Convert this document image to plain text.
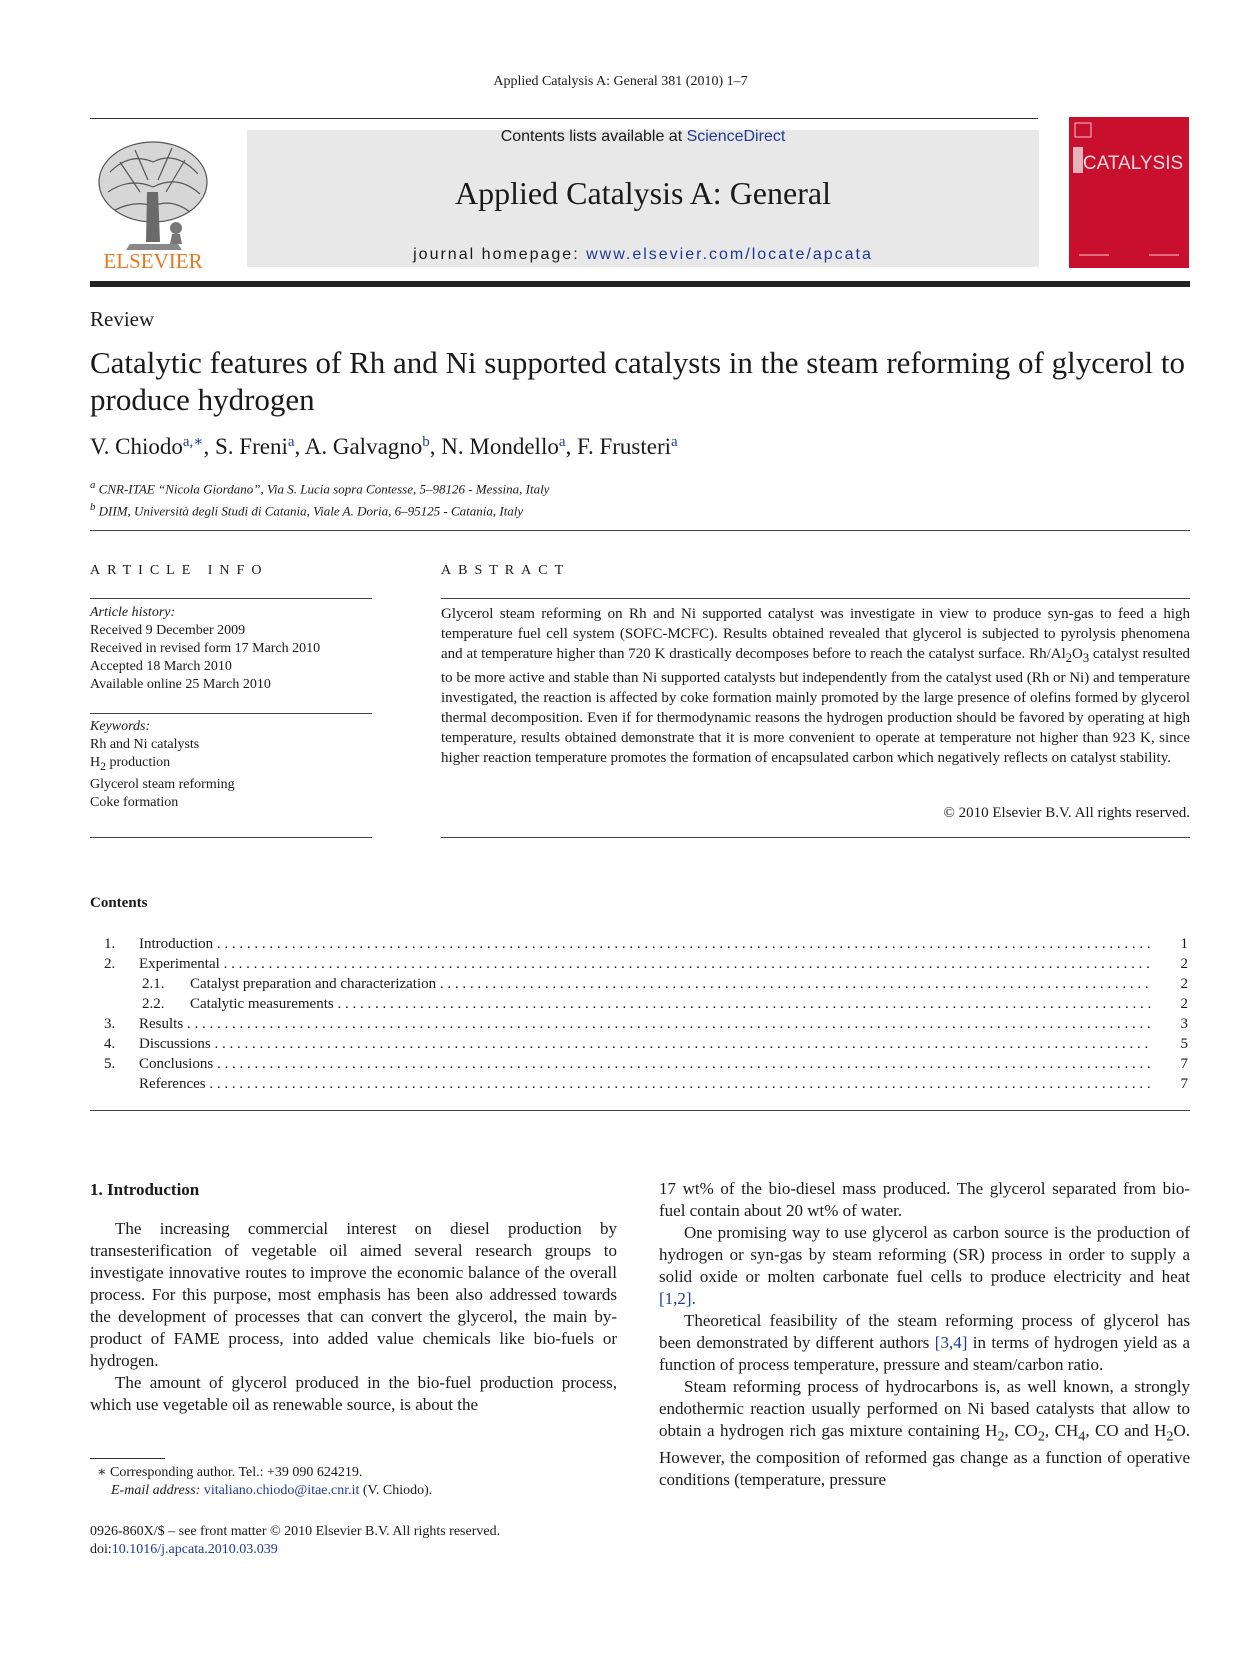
Applied Catalysis A: General 381 (2010) 1–7
ELSEVIER
Contents lists available at ScienceDirect
Applied Catalysis A: General
journal homepage: www.elsevier.com/locate/apcata
CATALYSIS
Review
Catalytic features of Rh and Ni supported catalysts in the steam reforming of glycerol to produce hydrogen
V. Chiodo$^{a,∗}$, S. Freni$^a$, A. Galvagno$^b$, N. Mondello$^a$, F. Frusteri$^a$
$^a$ CNR-ITAE “Nicola Giordano”, Via S. Lucia sopra Contesse, 5–98126 - Messina, Italy
$^b$ DIIM, Università degli Studi di Catania, Viale A. Doria, 6–95125 - Catania, Italy
ARTICLE INFO
Article history:
Received 9 December 2009
Received in revised form 17 March 2010
Accepted 18 March 2010
Available online 25 March 2010
Keywords:
Rh and Ni catalysts
$H_2$ production
Glycerol steam reforming
Coke formation
ABSTRACT
Glycerol steam reforming on Rh and Ni supported catalyst was investigate in view to produce syn-gas to feed a high temperature fuel cell system (SOFC-MCFC). Results obtained revealed that glycerol is subjected to pyrolysis phenomena and at temperature higher than 720 K drastically decomposes before to reach the catalyst surface. $Rh/Al_2O_3$ catalyst resulted to be more active and stable than Ni supported catalysts but independently from the catalyst used (Rh or Ni) and temperature investigated, the reaction is affected by coke formation mainly promoted by the large presence of olefins formed by glycerol thermal decomposition. Even if for thermodynamic reasons the hydrogen production should be favored by operating at high temperature, results obtained demonstrate that it is more convenient to operate at temperature not higher than 923 K, since higher reaction temperature promotes the formation of encapsulated carbon which negatively reflects on catalyst stability.
© 2010 Elsevier B.V. All rights reserved.
Contents
1. Introduction . . .	1
2. Experimental . . .	2
2.1. Catalyst preparation and characterization . . .	2
2.2. Catalytic measurements . . .	2
3. Results . . .	3
4. Discussions . . .	5
5. Conclusions . . .	7
References . . .	7
1. Introduction

The increasing commercial interest on diesel production by transesterification of vegetable oil aimed several research groups to investigate innovative routes to improve the economic balance of the overall process. For this purpose, most emphasis has been also addressed towards the development of processes that can convert the glycerol, the main by-product of FAME process, into added value chemicals like bio-fuels or hydrogen.

The amount of glycerol produced in the bio-fuel production process, which use vegetable oil as renewable source, is about the

17 wt% of the bio-diesel mass produced. The glycerol separated from bio-fuel contain about 20 wt% of water.

One promising way to use glycerol as carbon source is the production of hydrogen or syn-gas by steam reforming (SR) process in order to supply a solid oxide or molten carbonate fuel cells to produce electricity and heat [1,2].

Theoretical feasibility of the steam reforming process of glycerol has been demonstrated by different authors [3,4] in terms of hydrogen yield as a function of process temperature, pressure and steam/carbon ratio.

Steam reforming process of hydrocarbons is, as well known, a strongly endothermic reaction usually performed on Ni based catalysts that allow to obtain a hydrogen rich gas mixture containing $H_2$, $CO_2$, $CH_4$, CO and $H_2O$. However, the composition of reformed gas change as a function of operative conditions (temperature, pressure

∗ Corresponding author. Tel.: +39 090 624219.
E-mail address: vitaliano.chiodo@itae.cnr.it (V. Chiodo).
0926-860X/$ – see front matter © 2010 Elsevier B.V. All rights reserved.
doi:10.1016/j.apcata.2010.03.039
